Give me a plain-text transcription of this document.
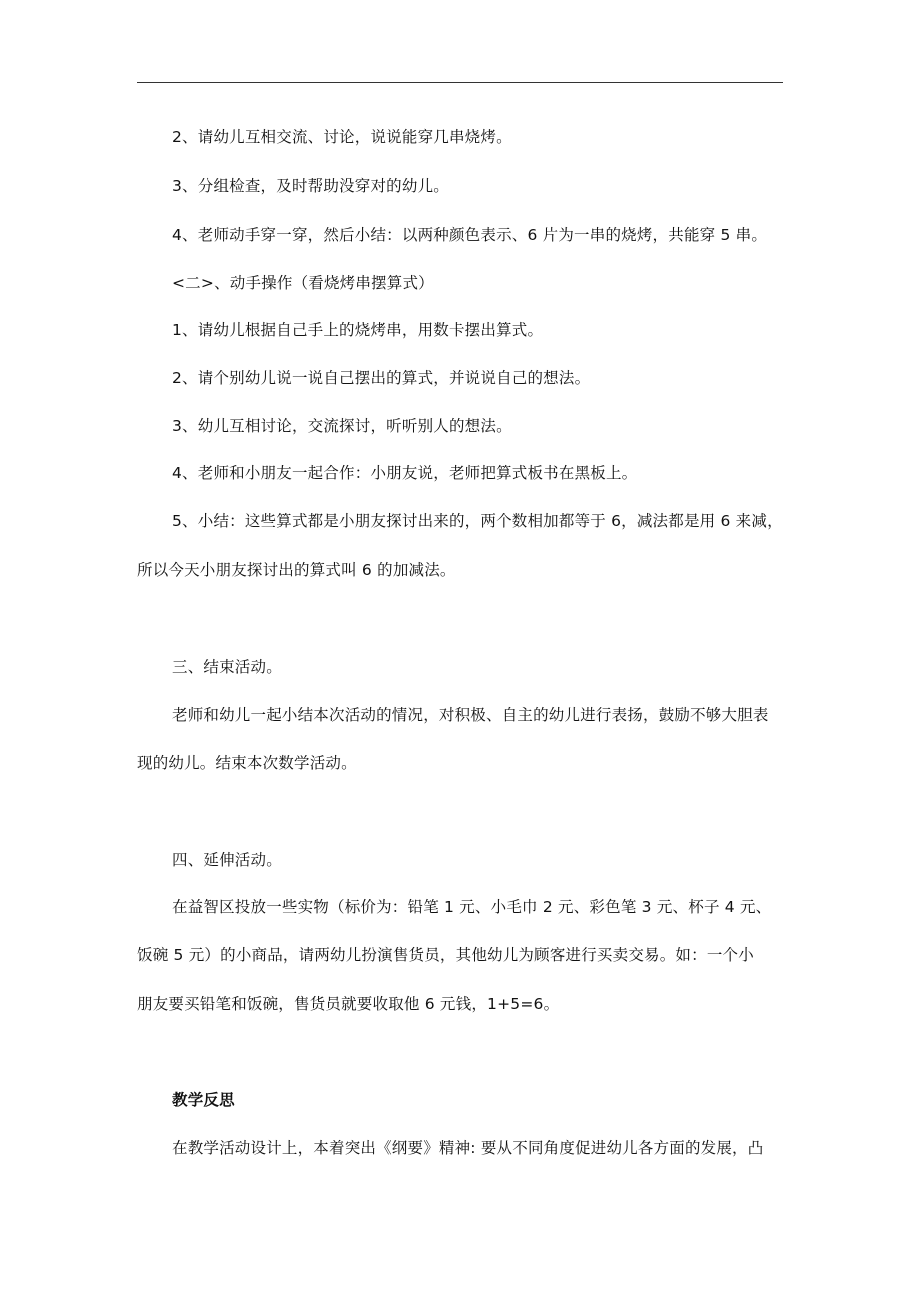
2、请幼儿互相交流、讨论，说说能穿几串烧烤。
3、分组检查，及时帮助没穿对的幼儿。
4、老师动手穿一穿，然后小结：以两种颜色表示、6 片为一串的烧烤，共能穿 5 串。
<二>、动手操作（看烧烤串摆算式）
1、请幼儿根据自己手上的烧烤串，用数卡摆出算式。
2、请个别幼儿说一说自己摆出的算式，并说说自己的想法。
3、幼儿互相讨论，交流探讨，听听别人的想法。
4、老师和小朋友一起合作：小朋友说，老师把算式板书在黑板上。
5、小结：这些算式都是小朋友探讨出来的，两个数相加都等于 6，减法都是用 6 来减，
所以今天小朋友探讨出的算式叫 6 的加减法。
三、结束活动。
老师和幼儿一起小结本次活动的情况，对积极、自主的幼儿进行表扬，鼓励不够大胆表
现的幼儿。结束本次数学活动。
四、延伸活动。
在益智区投放一些实物（标价为：铅笔 1 元、小毛巾 2 元、彩色笔 3 元、杯子 4 元、
饭碗 5 元）的小商品，请两幼儿扮演售货员，其他幼儿为顾客进行买卖交易。如：一个小
朋友要买铅笔和饭碗，售货员就要收取他 6 元钱，1+5=6。
教学反思
在教学活动设计上，本着突出《纲要》精神: 要从不同角度促进幼儿各方面的发展，凸
